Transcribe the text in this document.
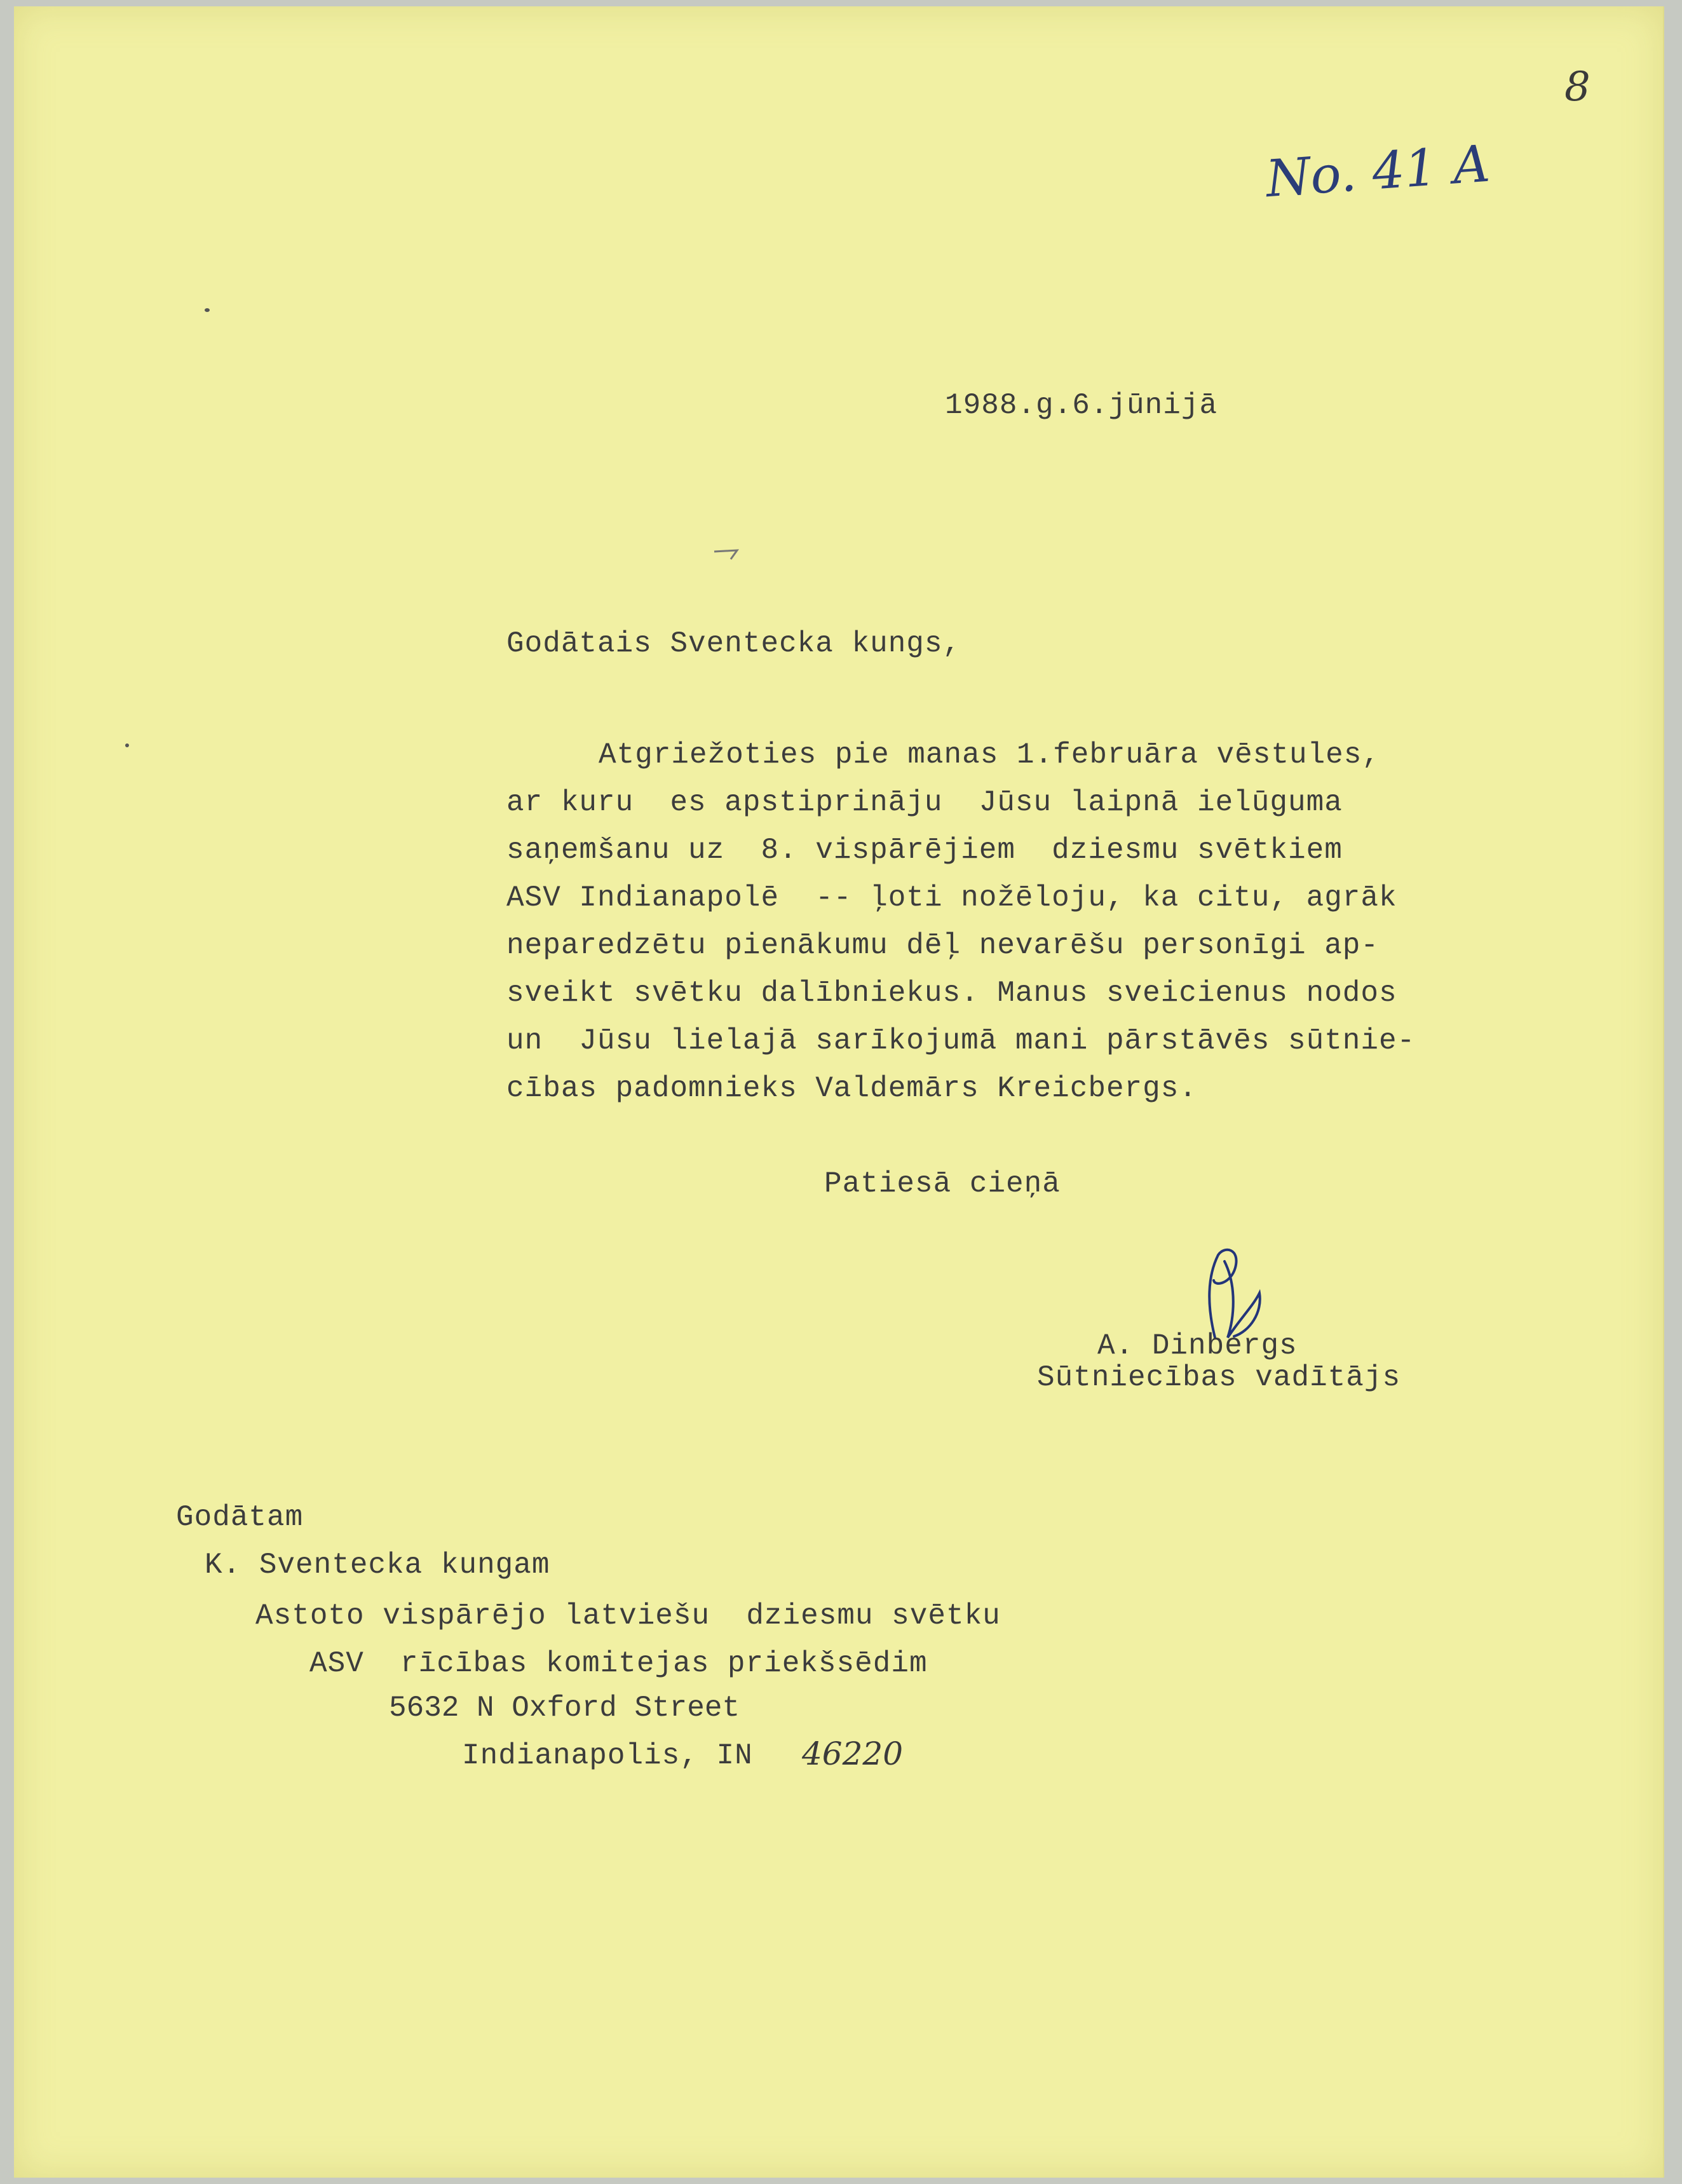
8
No. 41 A
1988.g.6.jūnijā
Godātais Sventecka kungs,
Atgriežoties pie manas 1.februāra vēstules,
ar kuru  es apstiprināju  Jūsu laipnā ielūguma
saņemšanu uz  8. vispārējiem  dziesmu svētkiem
ASV Indianapolē  -- ļoti nožēloju, ka citu, agrāk
neparedzētu pienākumu dēļ nevarēšu personīgi ap-
sveikt svētku dalībniekus. Manus sveicienus nodos
un  Jūsu lielajā sarīkojumā mani pārstāvēs sūtnie-
cības padomnieks Valdemārs Kreicbergs.
Patiesā cieņā
A. Dinbergs
Sūtniecības vadītājs
Godātam
K. Sventecka kungam
Astoto vispārējo latviešu  dziesmu svētku
ASV  rīcības komitejas priekšsēdim
5632 N Oxford Street
Indianapolis, IN 46220
